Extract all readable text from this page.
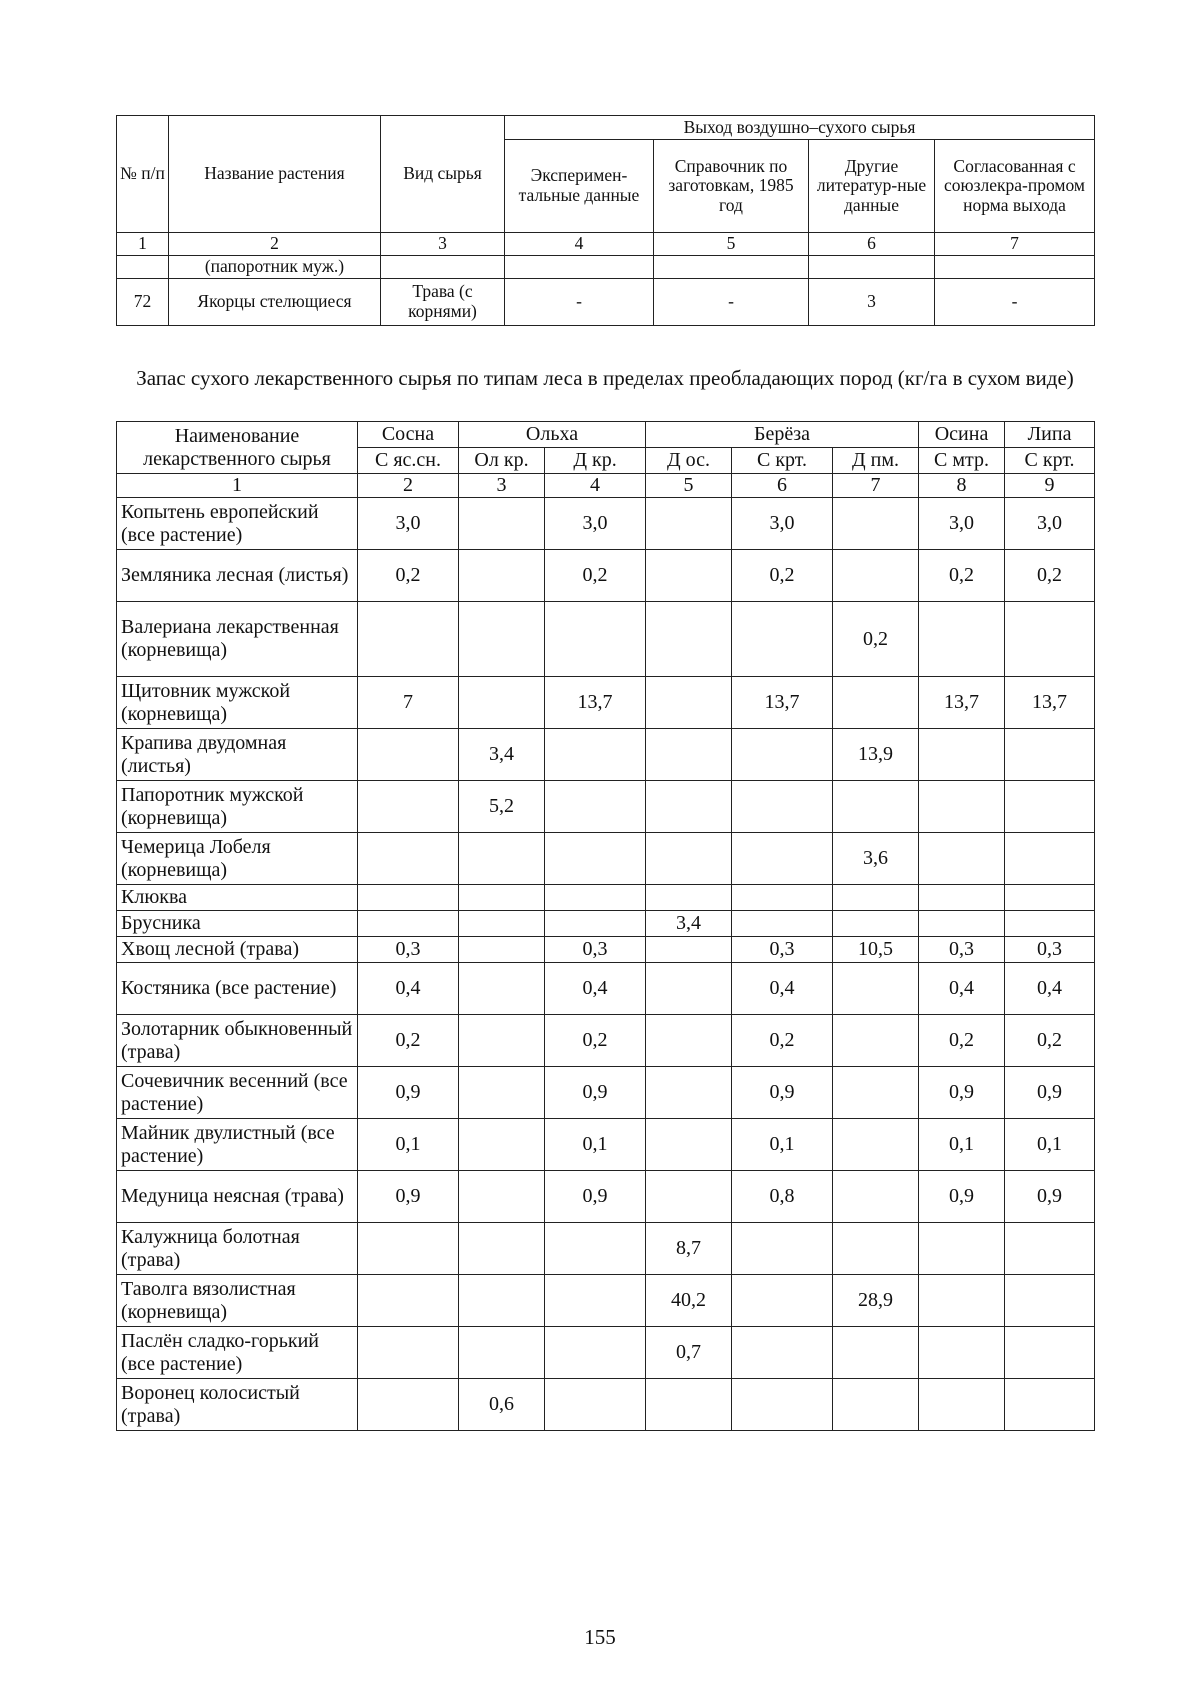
№ п/п	Название растения	Вид сырья	Выход воздушно–сухого сырья			
			Эксперимен-тальные данные	Справочник по заготовкам, 1985 год	Другие литератур-ные данные	Согласованная с союзлекра-промом норма выхода
1	2	3	4	5	6	7
	(папоротник муж.)					
72	Якорцы стелющиеся	Трава (с корнями)	-	-	3	-
Запас сухого лекарственного сырья по типам леса в пределах преобладающих пород (кг/га в сухом виде)
Наименование лекарственного сырья	Сосна	Ольха		Берёза			Осина	Липа
	С яс.сн.	Ол кр.	Д кр.	Д ос.	С крт.	Д пм.	С мтр.	С крт.
1	2	3	4	5	6	7	8	9
Копытень европейский (все растение)	3,0		3,0		3,0		3,0	3,0
Земляника лесная (листья)	0,2		0,2		0,2		0,2	0,2
Валериана лекарственная (корневища)						0,2		
Щитовник мужской (корневища)	7		13,7		13,7		13,7	13,7
Крапива двудомная (листья)		3,4				13,9		
Папоротник мужской (корневища)		5,2						
Чемерица Лобеля (корневища)						3,6		
Клюква								
Брусника				3,4				
Хвощ лесной (трава)	0,3		0,3		0,3	10,5	0,3	0,3
Костяника (все растение)	0,4		0,4		0,4		0,4	0,4
Золотарник обыкновенный (трава)	0,2		0,2		0,2		0,2	0,2
Сочевичник весенний (все растение)	0,9		0,9		0,9		0,9	0,9
Майник двулистный (все растение)	0,1		0,1		0,1		0,1	0,1
Медуница неясная (трава)	0,9		0,9		0,8		0,9	0,9
Калужница болотная (трава)				8,7				
Таволга вязолистная (корневища)				40,2		28,9		
Паслён сладко-горький (все растение)				0,7				
Воронец колосистый (трава)		0,6						
155
